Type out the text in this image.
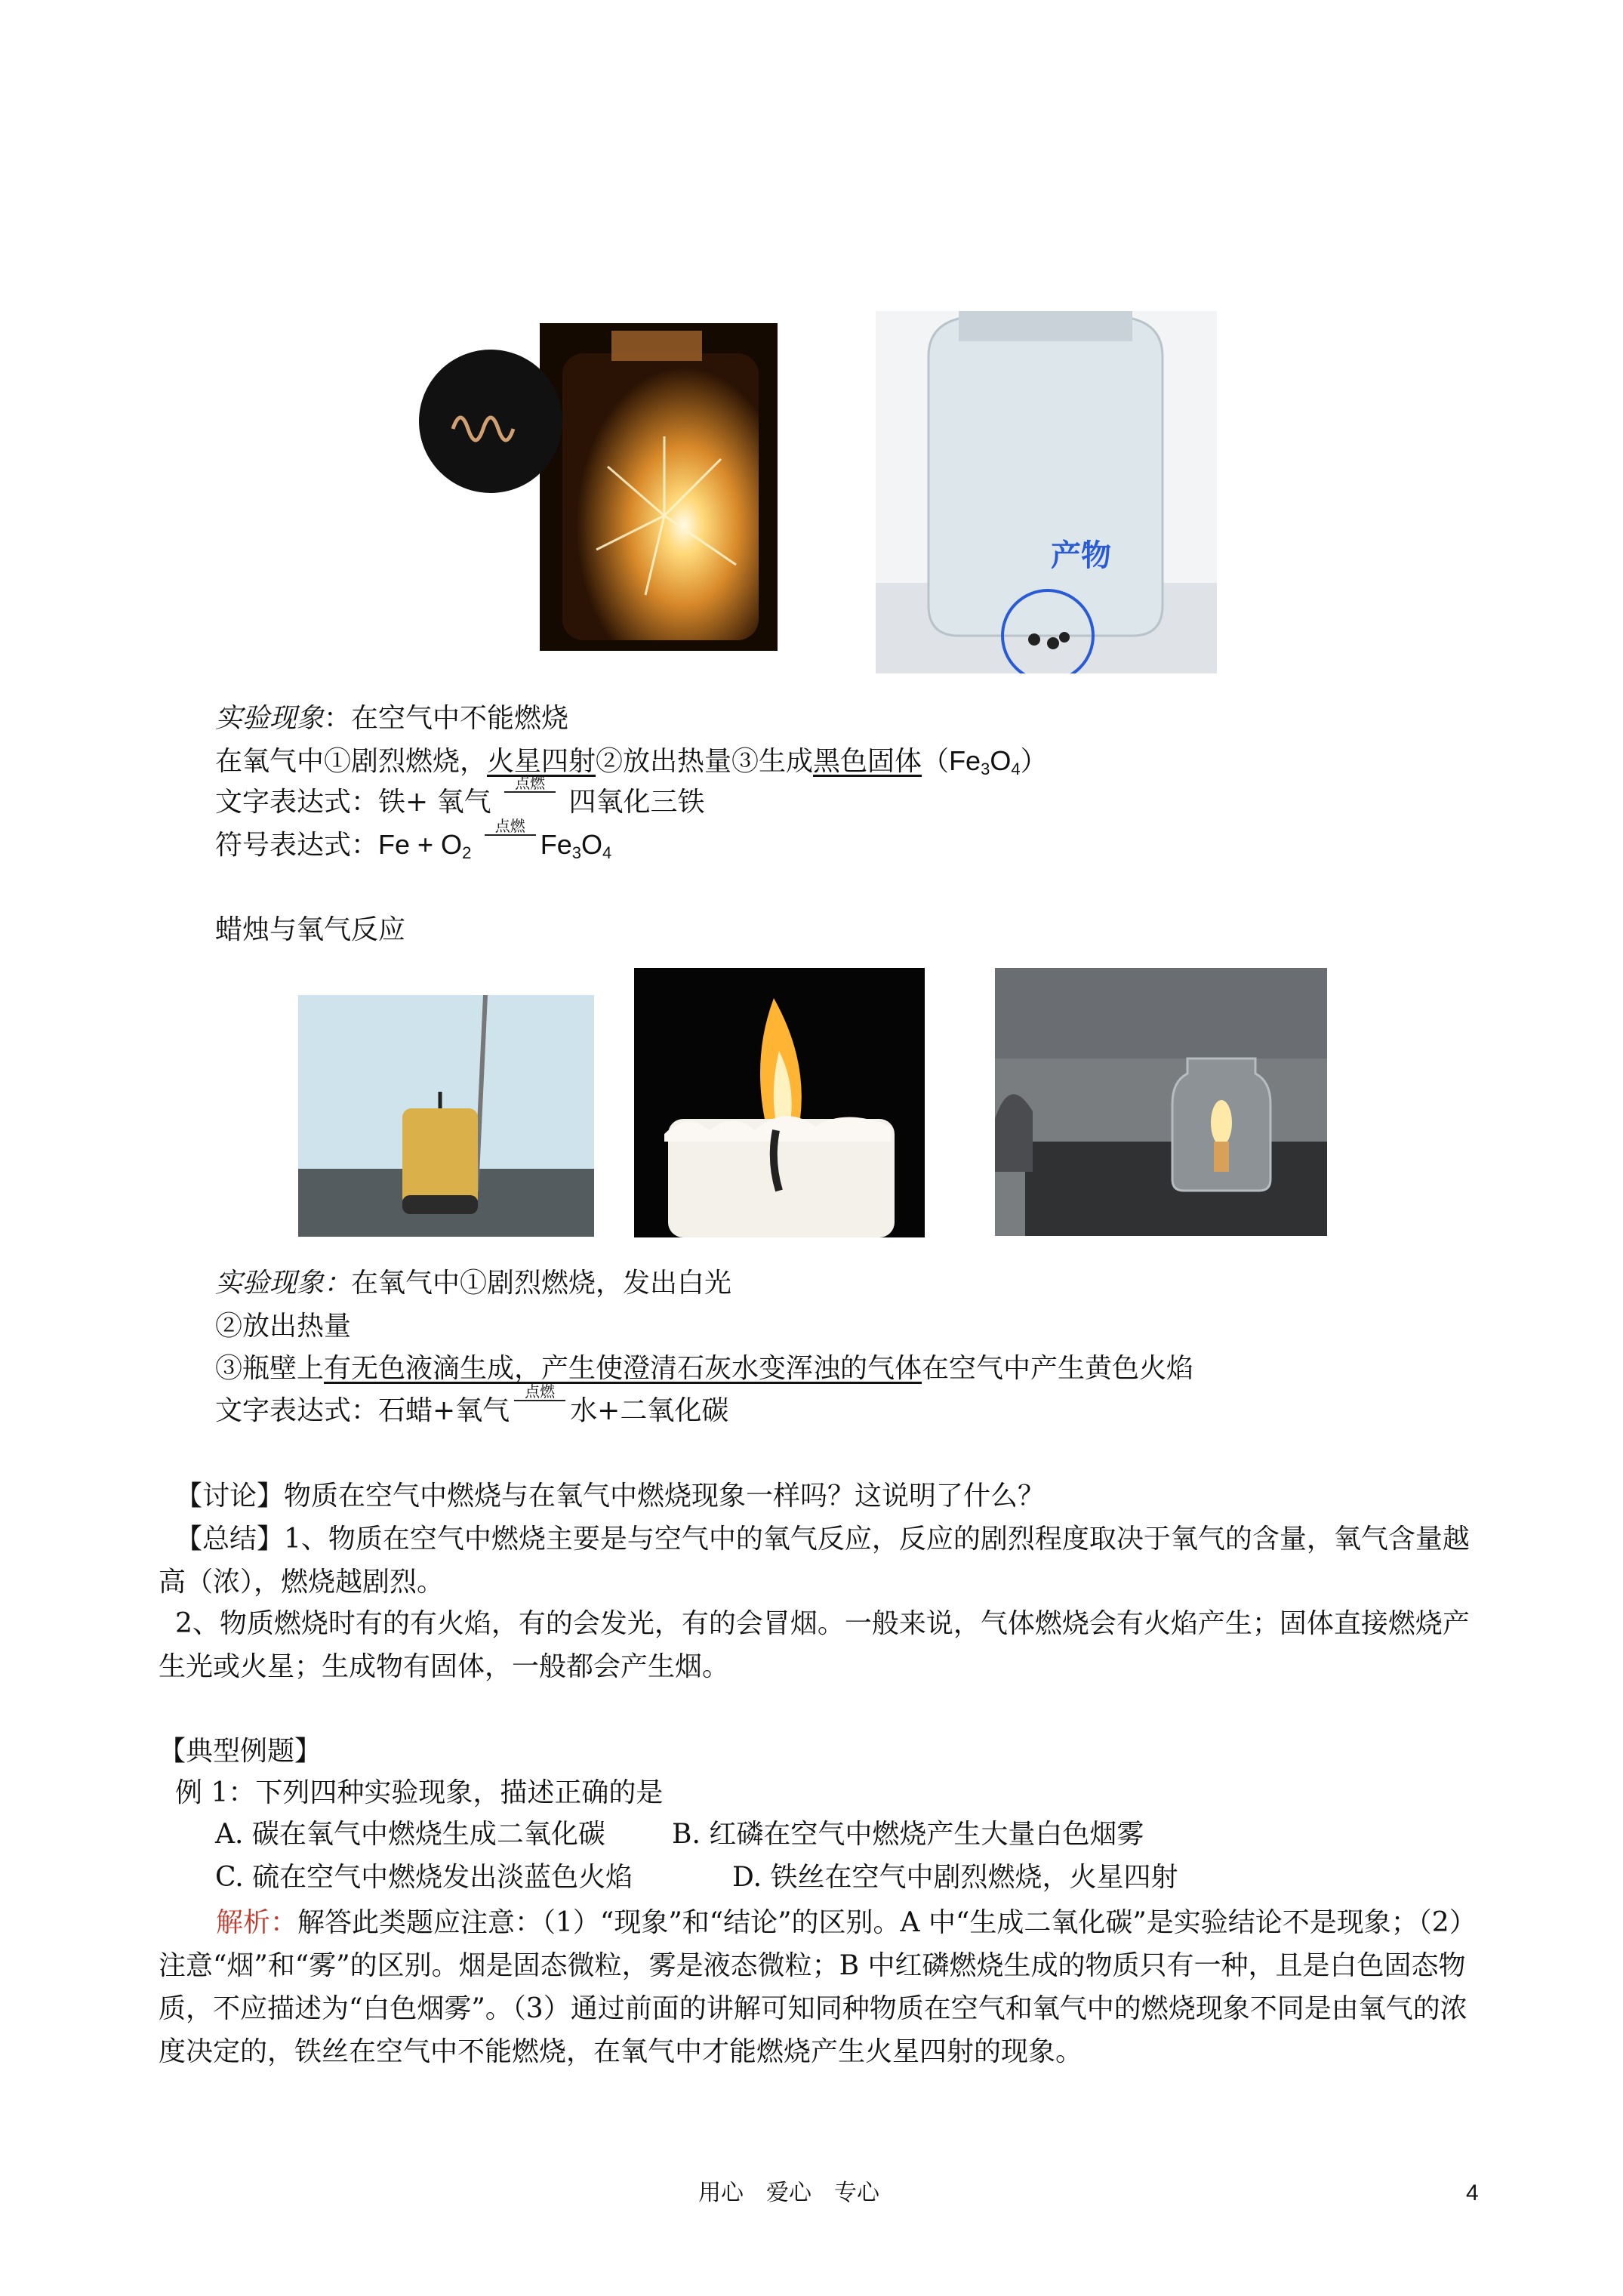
产物
实验现象：在空气中不能燃烧
在氧气中①剧烈燃烧，火星四射②放出热量③生成黑色固体$(Fe_3O_4)$
文字表达式：铁+ 氧气
点燃
四氧化三铁
符号表达式：$Fe + O_2$
点燃
$Fe_3O_4$
蜡烛与氧气反应
实验现象：在氧气中①剧烈燃烧，发出白光
②放出热量
③瓶壁上有无色液滴生成，产生使澄清石灰水变浑浊的气体在空气中产生黄色火焰
文字表达式：石蜡+氧气
点燃
水+二氧化碳
【讨论】物质在空气中燃烧与在氧气中燃烧现象一样吗？这说明了什么？
【总结】1、物质在空气中燃烧主要是与空气中的氧气反应，反应的剧烈程度取决于氧气的含量，氧气含量越高（浓），燃烧越剧烈。
2、物质燃烧时有的有火焰，有的会发光，有的会冒烟。一般来说，气体燃烧会有火焰产生；固体直接燃烧产生光或火星；生成物有固体，一般都会产生烟。
【典型例题】
例 1：下列四种实验现象，描述正确的是
A. 碳在氧气中燃烧生成二氧化碳 B. 红磷在空气中燃烧产生大量白色烟雾
C. 硫在空气中燃烧发出淡蓝色火焰	D. 铁丝在空气中剧烈燃烧，火星四射
解析：解答此类题应注意：（1）“现象”和“结论”的区别。A 中“生成二氧化碳”是实验结论不是现象；（2）注意“烟”和“雾”的区别。烟是固态微粒，雾是液态微粒；B 中红磷燃烧生成的物质只有一种，且是白色固态物质，不应描述为“白色烟雾”。（3）通过前面的讲解可知同种物质在空气和氧气中的燃烧现象不同是由氧气的浓度决定的，铁丝在空气中不能燃烧，在氧气中才能燃烧产生火星四射的现象。
用心　爱心　专心	4
